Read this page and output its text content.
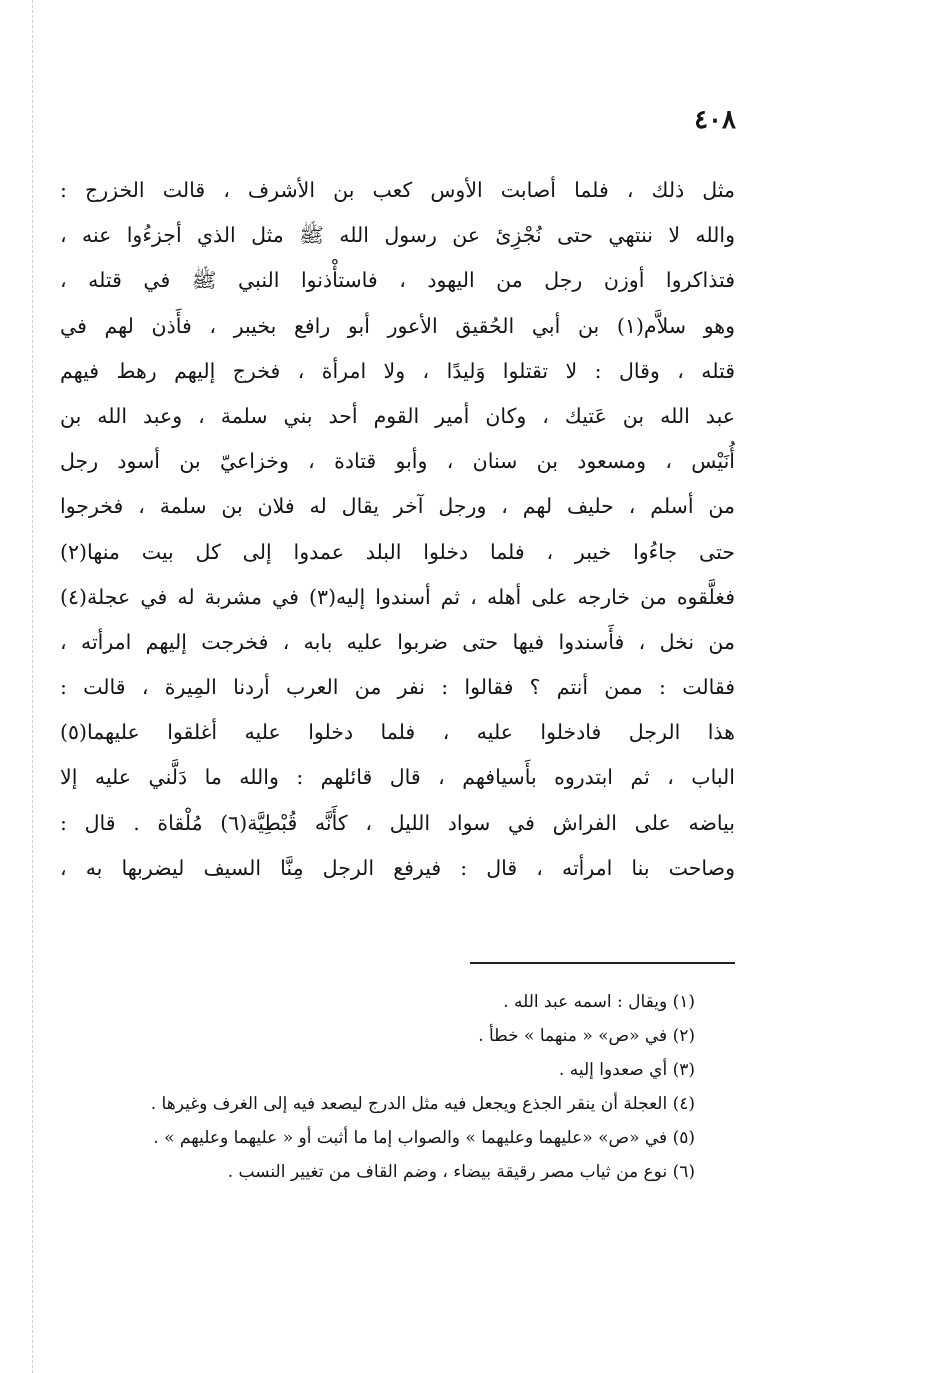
٤٠٨
مثل ذلك ، فلما أصابت الأوس كعب بن الأشرف ، قالت الخزرج :
والله لا ننتهي حتى نُجْزِئ عن رسول الله ﷺ مثل الذي أجزءُوا عنه ،
فتذاكروا أوزن رجل من اليهود ، فاستأْذنوا النبي ﷺ في قتله ،
وهو سلاَّم(١) بن أبي الحُقيق الأعور أبو رافع بخيبر ، فأَذن لهم في
قتله ، وقال : لا تقتلوا وَليدًا ، ولا امرأة ، فخرج إليهم رهط فيهم
عبد الله بن عَتيك ، وكان أمير القوم أحد بني سلمة ، وعبد الله بن
أُنَيْس ، ومسعود بن سنان ، وأبو قتادة ، وخزاعيّ بن أسود رجل
من أسلم ، حليف لهم ، ورجل آخر يقال له فلان بن سلمة ، فخرجوا
حتى جاءُوا خيبر ، فلما دخلوا البلد عمدوا إلى كل بيت منها(٢)
فغلَّقوه من خارجه على أهله ، ثم أسندوا إليه(٣) في مشربة له في عجلة(٤)
من نخل ، فأَسندوا فيها حتى ضربوا عليه بابه ، فخرجت إليهم امرأته ،
فقالت : ممن أنتم ؟ فقالوا : نفر من العرب أردنا المِيرة ، قالت :
هذا الرجل فادخلوا عليه ، فلما دخلوا عليه أغلقوا عليهما(٥)
الباب ، ثم ابتدروه بأَسيافهم ، قال قائلهم : والله ما دَلَّني عليه إلا
بياضه على الفراش في سواد الليل ، كأَنَّه قُبْطِيَّة(٦) مُلْقاة . قال :
وصاحت بنا امرأته ، قال : فيرفع الرجل مِنَّا السيف ليضربها به ،
(١) ويقال : اسمه عبد الله .
(٢) في «ص» « منهما » خطأ .
(٣) أي صعدوا إليه .
(٤) العجلة أن ينقر الجذع ويجعل فيه مثل الدرج ليصعد فيه إلى الغرف وغيرها .
(٥) في «ص» «عليهما وعليهما » والصواب إما ما أثبت أو « عليهما وعليهم » .
(٦) نوع من ثياب مصر رقيقة بيضاء ، وضم القاف من تغيير النسب .
